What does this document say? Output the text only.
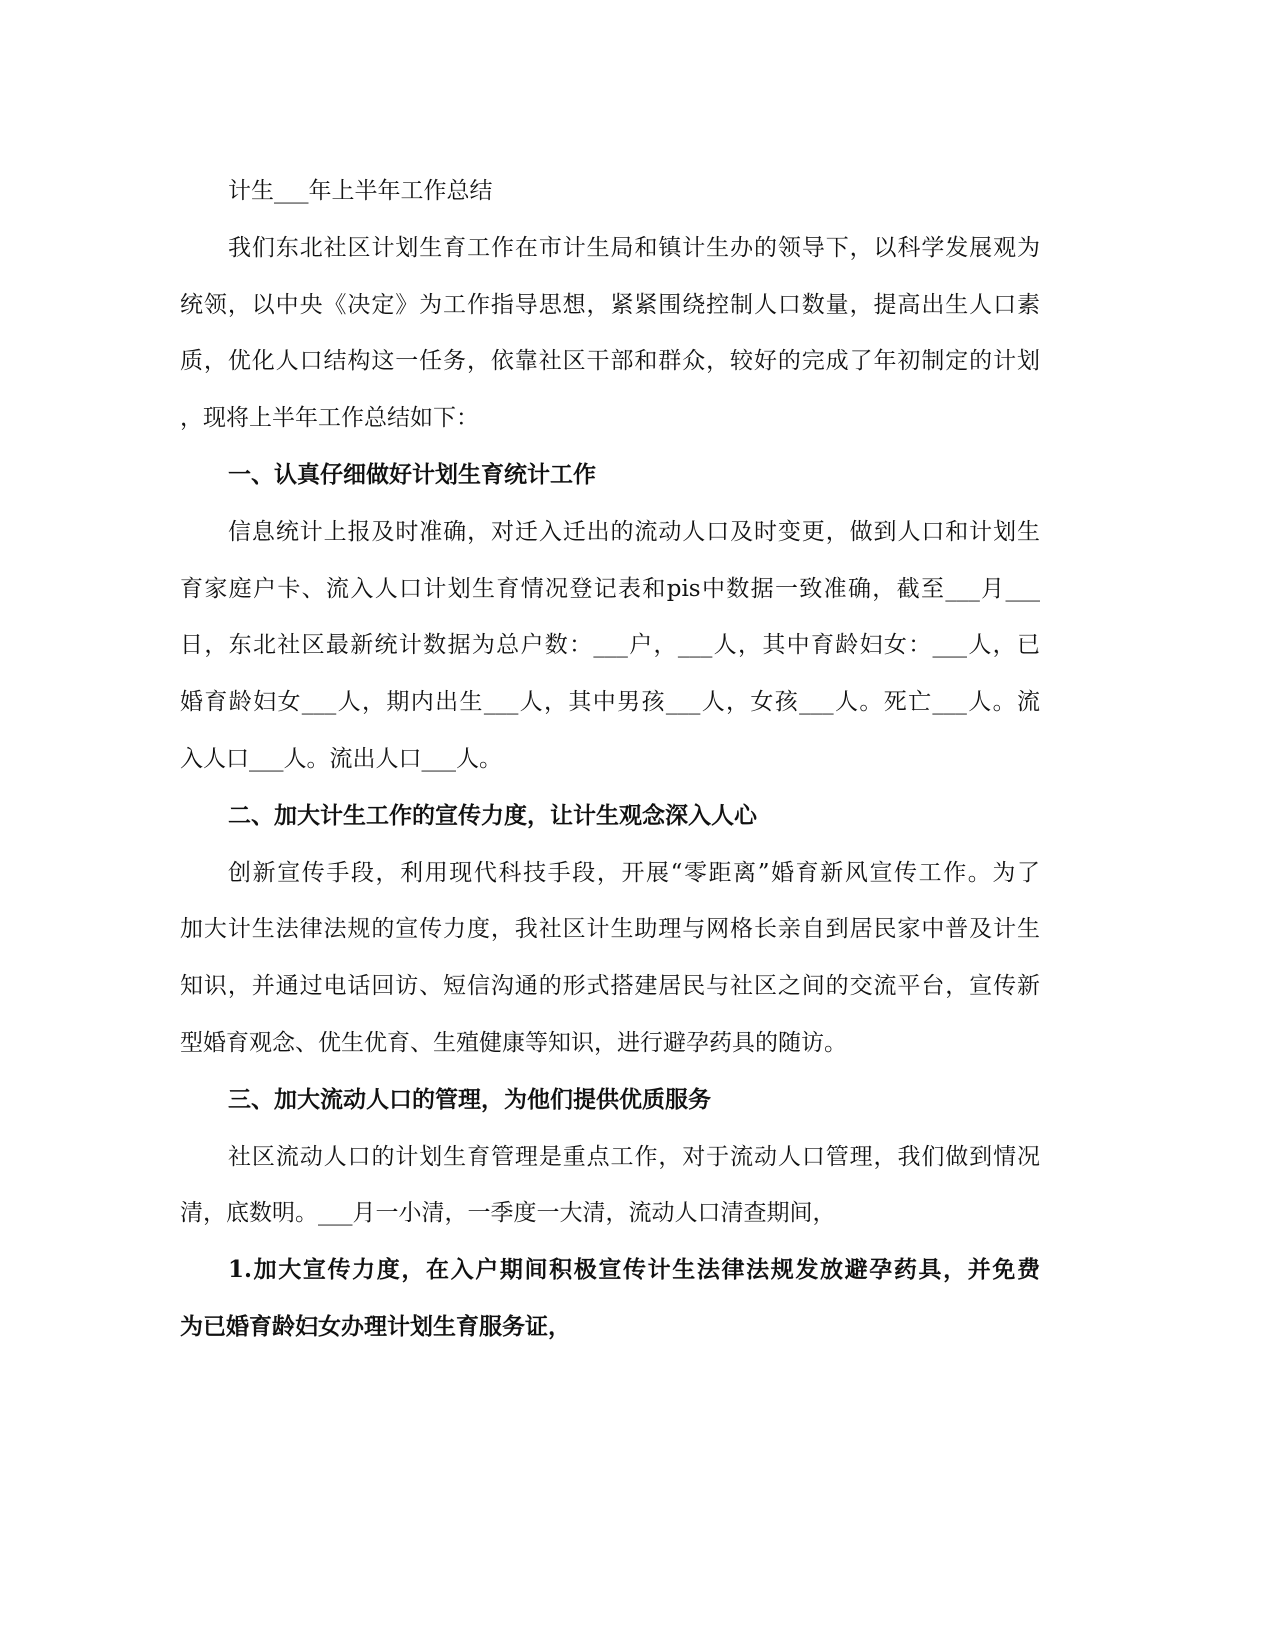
计生___年上半年工作总结
我们东北社区计划生育工作在市计生局和镇计生办的领导下，以科学发展观为
统领，以中央《决定》为工作指导思想，紧紧围绕控制人口数量，提高出生人口素
质，优化人口结构这一任务，依靠社区干部和群众，较好的完成了年初制定的计划
，现将上半年工作总结如下：
一、认真仔细做好计划生育统计工作
信息统计上报及时准确，对迁入迁出的流动人口及时变更，做到人口和计划生
育家庭户卡、流入人口计划生育情况登记表和pis中数据一致准确，截至___月___
日，东北社区最新统计数据为总户数：___户，___人，其中育龄妇女：___人，已
婚育龄妇女___人，期内出生___人，其中男孩___人，女孩___人。死亡___人。流
入人口___人。流出人口___人。
二、加大计生工作的宣传力度，让计生观念深入人心
创新宣传手段，利用现代科技手段，开展“零距离”婚育新风宣传工作。为了
加大计生法律法规的宣传力度，我社区计生助理与网格长亲自到居民家中普及计生
知识，并通过电话回访、短信沟通的形式搭建居民与社区之间的交流平台，宣传新
型婚育观念、优生优育、生殖健康等知识，进行避孕药具的随访。
三、加大流动人口的管理，为他们提供优质服务
社区流动人口的计划生育管理是重点工作，对于流动人口管理，我们做到情况
清，底数明。___月一小清，一季度一大清，流动人口清查期间，
1.加大宣传力度，在入户期间积极宣传计生法律法规发放避孕药具，并免费
为已婚育龄妇女办理计划生育服务证，
